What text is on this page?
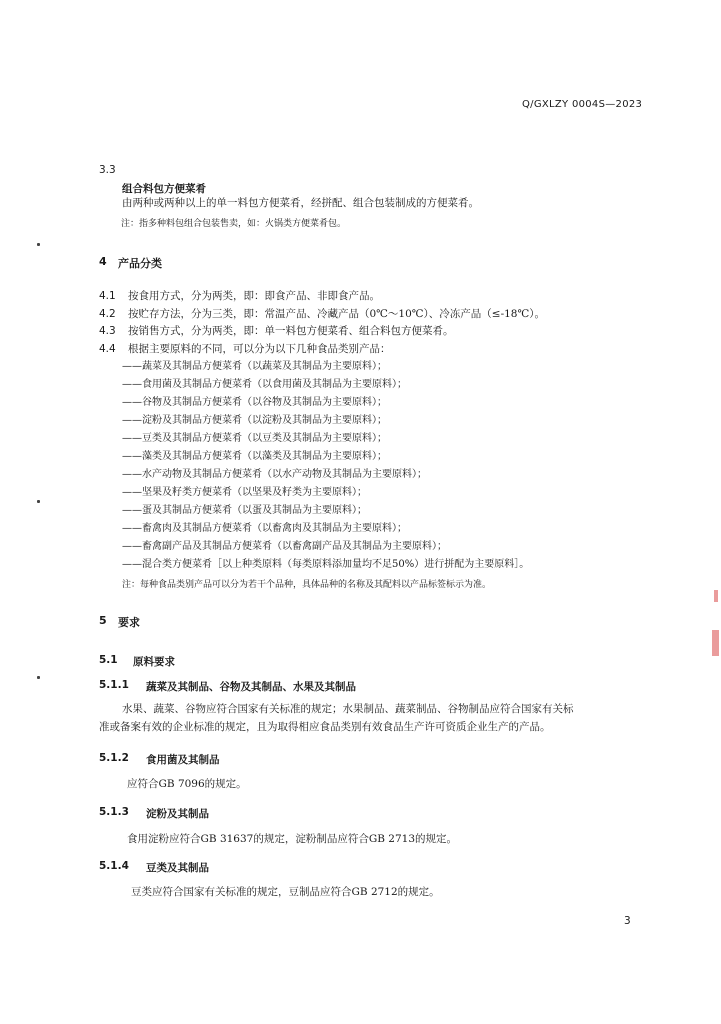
Q/GXLZY 0004S—2023
3.3
组合料包方便菜肴
由两种或两种以上的单一料包方便菜肴，经拼配、组合包装制成的方便菜肴。
注：指多种料包组合包装售卖，如：火锅类方便菜肴包。
4 产品分类
4.1 按食用方式，分为两类，即：即食产品、非即食产品。
4.2 按贮存方法，分为三类，即：常温产品、冷藏产品（0℃～10℃）、冷冻产品（≤-18℃）。
4.3 按销售方式，分为两类，即：单一料包方便菜肴、组合料包方便菜肴。
4.4 根据主要原料的不同，可以分为以下几种食品类别产品：
——蔬菜及其制品方便菜肴（以蔬菜及其制品为主要原料）；
——食用菌及其制品方便菜肴（以食用菌及其制品为主要原料）；
——谷物及其制品方便菜肴（以谷物及其制品为主要原料）；
——淀粉及其制品方便菜肴（以淀粉及其制品为主要原料）；
——豆类及其制品方便菜肴（以豆类及其制品为主要原料）；
——藻类及其制品方便菜肴（以藻类及其制品为主要原料）；
——水产动物及其制品方便菜肴（以水产动物及其制品为主要原料）；
——坚果及籽类方便菜肴（以坚果及籽类为主要原料）；
——蛋及其制品方便菜肴（以蛋及其制品为主要原料）；
——畜禽肉及其制品方便菜肴（以畜禽肉及其制品为主要原料）；
——畜禽副产品及其制品方便菜肴（以畜禽副产品及其制品为主要原料）；
——混合类方便菜肴［以上种类原料（每类原料添加量均不足50%）进行拼配为主要原料］。
注：每种食品类别产品可以分为若干个品种，具体品种的名称及其配料以产品标签标示为准。
5 要求
5.1 原料要求
5.1.1 蔬菜及其制品、谷物及其制品、水果及其制品
水果、蔬菜、谷物应符合国家有关标准的规定；水果制品、蔬菜制品、谷物制品应符合国家有关标
准或备案有效的企业标准的规定，且为取得相应食品类别有效食品生产许可资质企业生产的产品。
5.1.2 食用菌及其制品
应符合GB 7096的规定。
5.1.3 淀粉及其制品
食用淀粉应符合GB 31637的规定，淀粉制品应符合GB 2713的规定。
5.1.4 豆类及其制品
豆类应符合国家有关标准的规定，豆制品应符合GB 2712的规定。
3
